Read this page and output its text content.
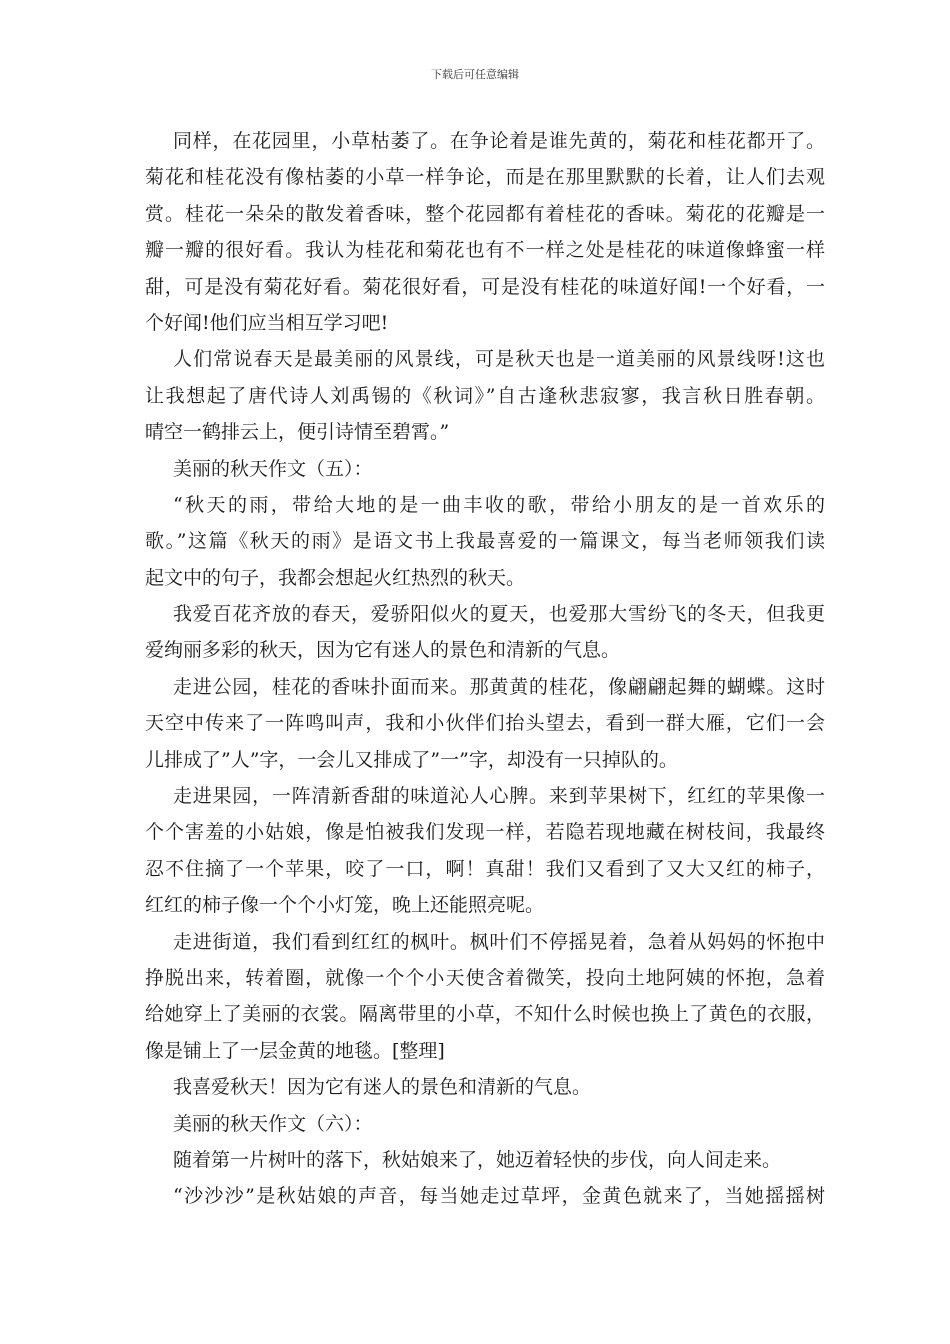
下载后可任意编辑
同样，在花园里，小草枯萎了。在争论着是谁先黄的，菊花和桂花都开了。
菊花和桂花没有像枯萎的小草一样争论，而是在那里默默的长着，让人们去观
赏。桂花一朵朵的散发着香味，整个花园都有着桂花的香味。菊花的花瓣是一
瓣一瓣的很好看。我认为桂花和菊花也有不一样之处是桂花的味道像蜂蜜一样
甜，可是没有菊花好看。菊花很好看，可是没有桂花的味道好闻!一个好看，一
个好闻!他们应当相互学习吧!
人们常说春天是最美丽的风景线，可是秋天也是一道美丽的风景线呀!这也
让我想起了唐代诗人刘禹锡的《秋词》”自古逢秋悲寂寥，我言秋日胜春朝。
晴空一鹤排云上，便引诗情至碧霄。”
美丽的秋天作文（五）：
“秋天的雨，带给大地的是一曲丰收的歌，带给小朋友的是一首欢乐的
歌。”这篇《秋天的雨》是语文书上我最喜爱的一篇课文，每当老师领我们读
起文中的句子，我都会想起火红热烈的秋天。
我爱百花齐放的春天，爱骄阳似火的夏天，也爱那大雪纷飞的冬天，但我更
爱绚丽多彩的秋天，因为它有迷人的景色和清新的气息。
走进公园，桂花的香味扑面而来。那黄黄的桂花，像翩翩起舞的蝴蝶。这时
天空中传来了一阵鸣叫声，我和小伙伴们抬头望去，看到一群大雁，它们一会
儿排成了”人”字，一会儿又排成了”一”字，却没有一只掉队的。
走进果园，一阵清新香甜的味道沁人心脾。来到苹果树下，红红的苹果像一
个个害羞的小姑娘，像是怕被我们发现一样，若隐若现地藏在树枝间，我最终
忍不住摘了一个苹果，咬了一口，啊！真甜！我们又看到了又大又红的柿子，
红红的柿子像一个个小灯笼，晚上还能照亮呢。
走进街道，我们看到红红的枫叶。枫叶们不停摇晃着，急着从妈妈的怀抱中
挣脱出来，转着圈，就像一个个小天使含着微笑，投向土地阿姨的怀抱，急着
给她穿上了美丽的衣裳。隔离带里的小草，不知什么时候也换上了黄色的衣服，
像是铺上了一层金黄的地毯。[整理]
我喜爱秋天！因为它有迷人的景色和清新的气息。
美丽的秋天作文（六）：
随着第一片树叶的落下，秋姑娘来了，她迈着轻快的步伐，向人间走来。
“沙沙沙”是秋姑娘的声音，每当她走过草坪，金黄色就来了，当她摇摇树
